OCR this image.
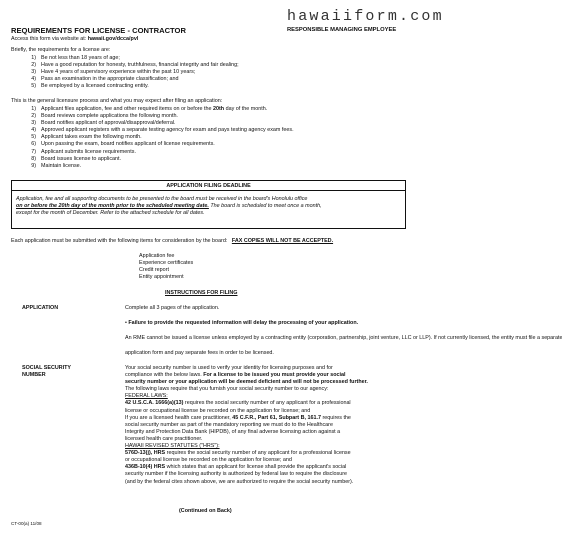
hawaiiform.com
REQUIREMENTS FOR LICENSE - CONTRACTOR	RESPONSIBLE MANAGING EMPLOYEE
Access this form via website at: hawaii.gov/dcca/pvl
Briefly, the requirements for a license are:
1) Be not less than 18 years of age;
2) Have a good reputation for honesty, truthfulness, financial integrity and fair dealing;
3) Have 4 years of supervisory experience within the past 10 years;
4) Pass an examination in the appropriate classification; and
5) Be employed by a licensed contracting entity.
This is the general licensure process and what you may expect after filing an application:
1) Applicant files application, fee and other required items on or before the 20th day of the month.
2) Board reviews complete applications the following month.
3) Board notifies applicant of approval/disapproval/deferral.
4) Approved applicant registers with a separate testing agency for exam and pays testing agency exam fees.
5) Applicant takes exam the following month.
6) Upon passing the exam, board notifies applicant of license requirements.
7) Applicant submits license requirements.
8) Board issues license to applicant.
9) Maintain license.
APPLICATION FILING DEADLINE
Application, fee and all supporting documents to be presented to the board must be received in the board's Honolulu office
on or before the 20th day of the month prior to the scheduled meeting date. The board is scheduled to meet once a month,
except for the month of December. Refer to the attached schedule for all dates.
Each application must be submitted with the following items for consideration by the board: FAX COPIES WILL NOT BE ACCEPTED.
Application fee
Experience certificates
Credit report
Entity appointment
INSTRUCTIONS FOR FILING
APPLICATION	Complete all 3 pages of the application.
• Failure to provide the requested information will delay the processing of your application.
An RME cannot be issued a license unless employed by a contracting entity (corporation, partnership, joint venture, LLC or LLP). If not currently licensed, the entity must file a separate
application form and pay separate fees in order to be licensed.
SOCIAL SECURITY
NUMBER
Your social security number is used to verify your identity for licensing purposes and for
compliance with the below laws. For a license to be issued you must provide your social
security number or your application will be deemed deficient and will not be processed further.
The following laws require that you furnish your social security number to our agency:
FEDERAL LAWS:
42 U.S.C.A. 1666(a)(13) requires the social security number of any applicant for a professional
license or occupational license be recorded on the application for license; and
If you are a licensed health care practitioner, 45 C.F.R., Part 61, Subpart B, 161.7 requires the
social security number as part of the mandatory reporting we must do to the Healthcare
Integrity and Protection Data Bank (HIPDB), of any final adverse licensing action against a
licensed health care practitioner.
HAWAII REVISED STATUTES ("HRS"):
576D-13(j), HRS requires the social security number of any applicant for a professional license
or occupational license be recorded on the application for license; and
436B-10(4) HRS which states that an applicant for license shall provide the applicant's social
security number if the licensing authority is authorized by federal law to require the disclosure
(and by the federal cites shown above, we are authorized to require the social security number).
(Continued on Back)
CT-00(a) 11/08
